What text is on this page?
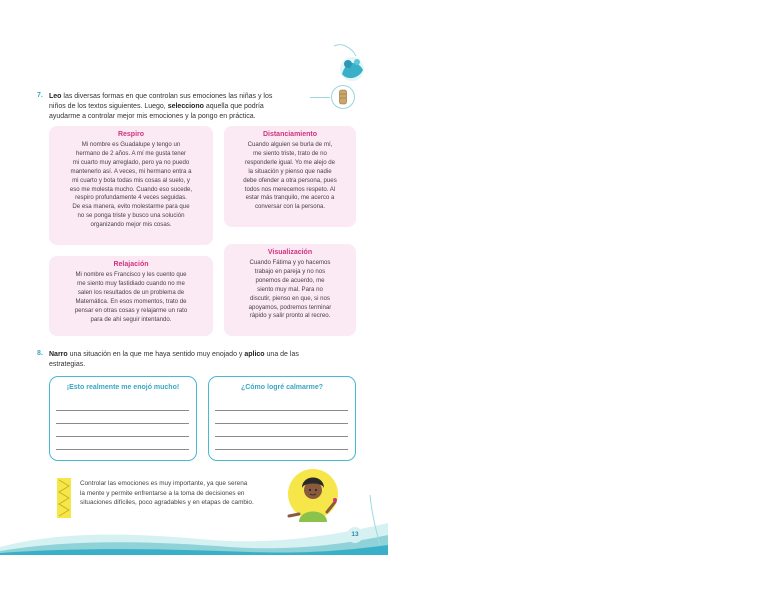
7. Leo las diversas formas en que controlan sus emociones las niñas y los
niños de los textos siguientes. Luego, selecciono aquella que podría
ayudarme a controlar mejor mis emociones y la pongo en práctica.
Respiro
Mi nombre es Guadalupe y tengo un
hermano de 2 años. A mí me gusta tener
mi cuarto muy arreglado, pero ya no puedo
mantenerlo así. A veces, mi hermano entra a
mi cuarto y bota todas mis cosas al suelo, y
eso me molesta mucho. Cuando eso sucede,
respiro profundamente 4 veces seguidas.
De esa manera, evito molestarme para que
no se ponga triste y busco una solución
organizando mejor mis cosas.
Distanciamiento
Cuando alguien se burla de mí,
me siento triste, trato de no
responderle igual. Yo me alejo de
la situación y pienso que nadie
debe ofender a otra persona, pues
todos nos merecemos respeto. Al
estar más tranquilo, me acerco a
conversar con la persona.
Visualización
Cuando Fátima y yo hacemos
trabajo en pareja y no nos
ponemos de acuerdo, me
siento muy mal. Para no
discutir, pienso en que, si nos
apoyamos, podremos terminar
rápido y salir pronto al recreo.
Relajación
Mi nombre es Francisco y les cuento que
me siento muy fastidiado cuando no me
salen los resultados de un problema de
Matemática. En esos momentos, trato de
pensar en otras cosas y relajarme un rato
para de ahí seguir intentando.
8. Narro una situación en la que me haya sentido muy enojado y aplico una de las
estrategias.
¡Esto realmente me enojó mucho!	¿Cómo logré calmarme?
Controlar las emociones es muy importante, ya que serena
la mente y permite enfrentarse a la toma de decisiones en
situaciones difíciles, poco agradables y en etapas de cambio.
13
